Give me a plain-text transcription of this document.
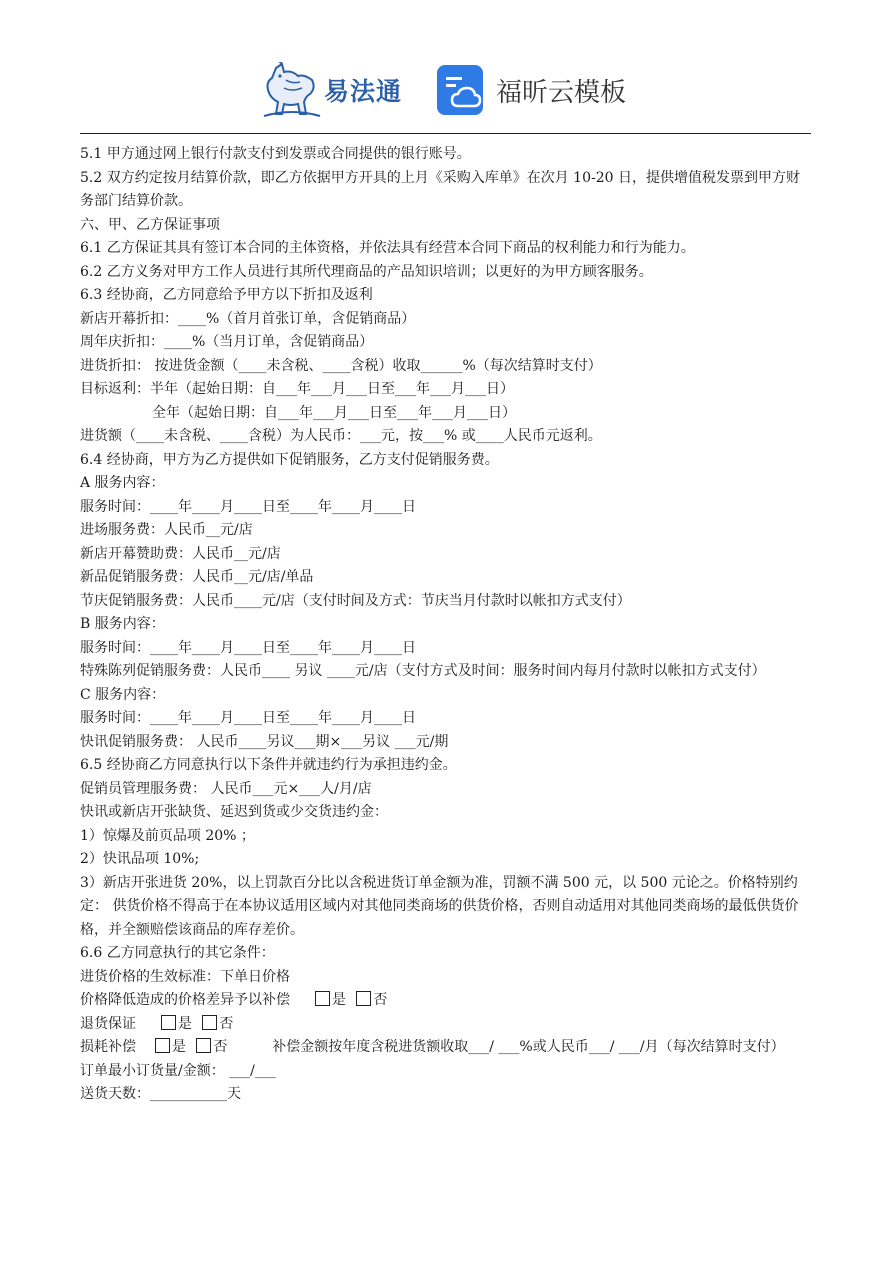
易法通	福昕云模板

5.1 甲方通过网上银行付款支付到发票或合同提供的银行账号。

5.2 双方约定按月结算价款，即乙方依据甲方开具的上月《采购入库单》在次月 10-20 日，提供增值税发票到甲方财务部门结算价款。

六、甲、乙方保证事项

6.1 乙方保证其具有签订本合同的主体资格，并依法具有经营本合同下商品的权利能力和行为能力。

6.2 乙方义务对甲方工作人员进行其所代理商品的产品知识培训；以更好的为甲方顾客服务。

6.3 经协商，乙方同意给予甲方以下折扣及返利

新店开幕折扣：____%（首月首张订单，含促销商品）

周年庆折扣：____%（当月订单，含促销商品）

进货折扣： 按进货金额（____未含税、____含税）收取______%（每次结算时支付）

目标返利：半年（起始日期：自___年___月___日至___年___月___日）

全年（起始日期：自___年___月___日至___年___月___日）

进货额（____未含税、____含税）为人民币：___元，按___% 或____人民币元返利。

6.4 经协商，甲方为乙方提供如下促销服务，乙方支付促销服务费。

A 服务内容：

服务时间：____年____月____日至____年____月____日

进场服务费：人民币__元/店

新店开幕赞助费：人民币__元/店

新品促销服务费：人民币__元/店/单品

节庆促销服务费：人民币____元/店（支付时间及方式：节庆当月付款时以帐扣方式支付）

B 服务内容：

服务时间：____年____月____日至____年____月____日

特殊陈列促销服务费：人民币____ 另议 ____元/店（支付方式及时间：服务时间内每月付款时以帐扣方式支付）

C 服务内容：

服务时间：____年____月____日至____年____月____日

快讯促销服务费： 人民币____另议___期×___另议 ___元/期

6.5 经协商乙方同意执行以下条件并就违约行为承担违约金。

促销员管理服务费： 人民币___元×___人/月/店

快讯或新店开张缺货、延迟到货或少交货违约金：

1）惊爆及前页品项 20% ；

2）快讯品项 10%;

3）新店开张进货 20%，以上罚款百分比以含税进货订单金额为准，罚额不满 500 元，以 500 元论之。价格特别约定： 供货价格不得高于在本协议适用区域内对其他同类商场的供货价格，否则自动适用对其他同类商场的最低供货价格，并全额赔偿该商品的库存差价。

6.6 乙方同意执行的其它条件：

进货价格的生效标准：下单日价格

价格降低造成的价格差异予以补偿	是 否

退货保证	是 否

损耗补偿	是 否	补偿金额按年度含税进货额收取___/ ___%或人民币___/ ___/月（每次结算时支付）

订单最小订货量/金额： ___/___

送货天数：___________天
